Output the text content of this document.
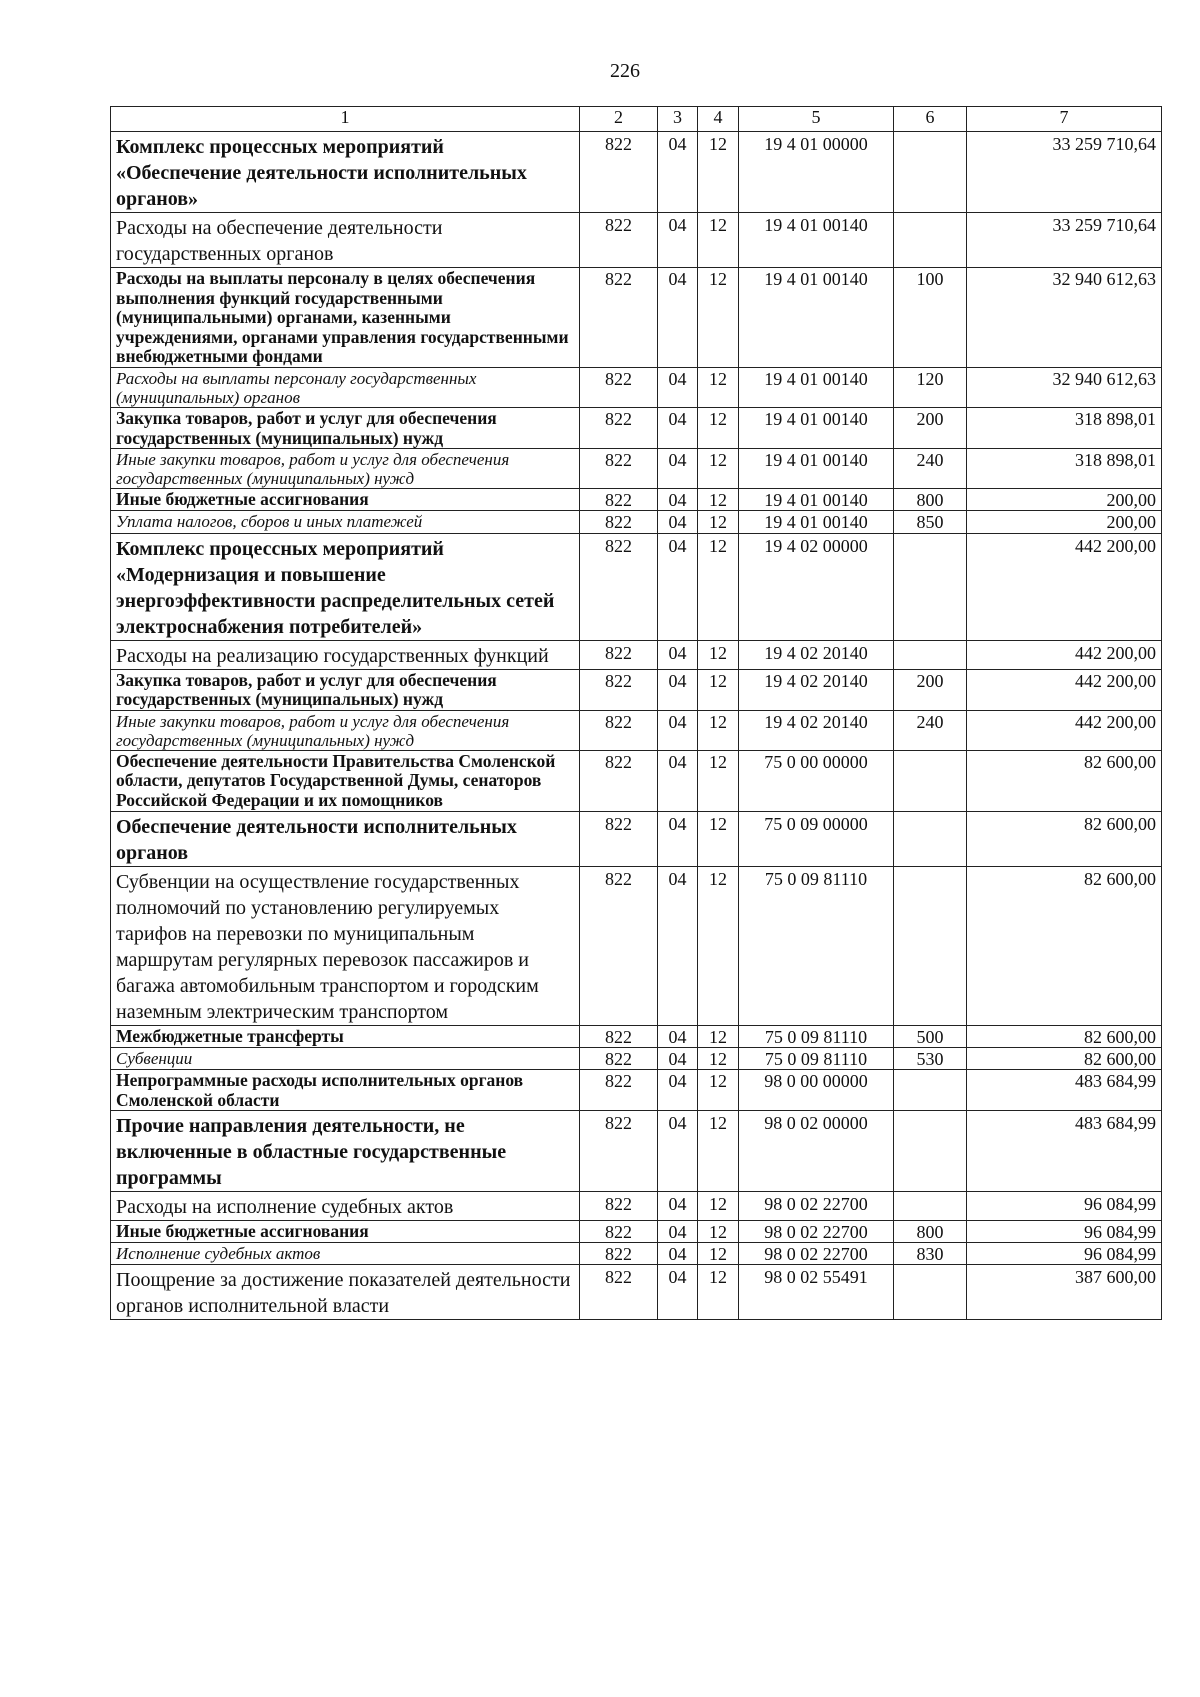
226
1	2	3	4	5	6	7
Комплекс процессных мероприятий «Обеспечение деятельности исполнительных органов»	822	04	12	19 4 01 00000		33 259 710,64
Расходы на обеспечение деятельности государственных органов	822	04	12	19 4 01 00140		33 259 710,64
Расходы на выплаты персоналу в целях обеспечения выполнения функций государственными (муниципальными) органами, казенными учреждениями, органами управления государственными внебюджетными фондами	822	04	12	19 4 01 00140	100	32 940 612,63
Расходы на выплаты персоналу государственных (муниципальных) органов	822	04	12	19 4 01 00140	120	32 940 612,63
Закупка товаров, работ и услуг для обеспечения государственных (муниципальных) нужд	822	04	12	19 4 01 00140	200	318 898,01
Иные закупки товаров, работ и услуг для обеспечения государственных (муниципальных) нужд	822	04	12	19 4 01 00140	240	318 898,01
Иные бюджетные ассигнования	822	04	12	19 4 01 00140	800	200,00
Уплата налогов, сборов и иных платежей	822	04	12	19 4 01 00140	850	200,00
Комплекс процессных мероприятий «Модернизация и повышение энергоэффективности распределительных сетей электроснабжения потребителей»	822	04	12	19 4 02 00000		442 200,00
Расходы на реализацию государственных функций	822	04	12	19 4 02 20140		442 200,00
Закупка товаров, работ и услуг для обеспечения государственных (муниципальных) нужд	822	04	12	19 4 02 20140	200	442 200,00
Иные закупки товаров, работ и услуг для обеспечения государственных (муниципальных) нужд	822	04	12	19 4 02 20140	240	442 200,00
Обеспечение деятельности Правительства Смоленской области, депутатов Государственной Думы, сенаторов Российской Федерации и их помощников	822	04	12	75 0 00 00000		82 600,00
Обеспечение деятельности исполнительных органов	822	04	12	75 0 09 00000		82 600,00
Субвенции на осуществление государственных полномочий по установлению регулируемых тарифов на перевозки по муниципальным маршрутам регулярных перевозок пассажиров и багажа автомобильным транспортом и городским наземным электрическим транспортом	822	04	12	75 0 09 81110		82 600,00
Межбюджетные трансферты	822	04	12	75 0 09 81110	500	82 600,00
Субвенции	822	04	12	75 0 09 81110	530	82 600,00
Непрограммные расходы исполнительных органов Смоленской области	822	04	12	98 0 00 00000		483 684,99
Прочие направления деятельности, не включенные в областные государственные программы	822	04	12	98 0 02 00000		483 684,99
Расходы на исполнение судебных актов	822	04	12	98 0 02 22700		96 084,99
Иные бюджетные ассигнования	822	04	12	98 0 02 22700	800	96 084,99
Исполнение судебных актов	822	04	12	98 0 02 22700	830	96 084,99
Поощрение за достижение показателей деятельности органов исполнительной власти	822	04	12	98 0 02 55491		387 600,00
